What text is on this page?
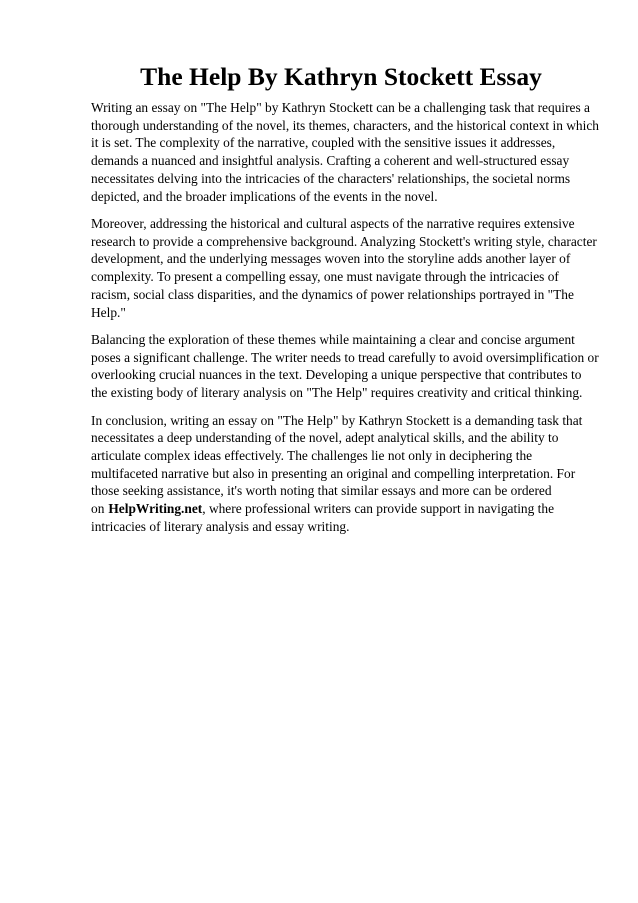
The Help By Kathryn Stockett Essay

Writing an essay on "The Help" by Kathryn Stockett can be a challenging task that requires a thorough understanding of the novel, its themes, characters, and the historical context in which it is set. The complexity of the narrative, coupled with the sensitive issues it addresses, demands a nuanced and insightful analysis. Crafting a coherent and well-structured essay necessitates delving into the intricacies of the characters' relationships, the societal norms depicted, and the broader implications of the events in the novel.

Moreover, addressing the historical and cultural aspects of the narrative requires extensive research to provide a comprehensive background. Analyzing Stockett's writing style, character development, and the underlying messages woven into the storyline adds another layer of complexity. To present a compelling essay, one must navigate through the intricacies of racism, social class disparities, and the dynamics of power relationships portrayed in "The Help."

Balancing the exploration of these themes while maintaining a clear and concise argument poses a significant challenge. The writer needs to tread carefully to avoid oversimplification or overlooking crucial nuances in the text. Developing a unique perspective that contributes to the existing body of literary analysis on "The Help" requires creativity and critical thinking.

In conclusion, writing an essay on "The Help" by Kathryn Stockett is a demanding task that necessitates a deep understanding of the novel, adept analytical skills, and the ability to articulate complex ideas effectively. The challenges lie not only in deciphering the multifaceted narrative but also in presenting an original and compelling interpretation. For those seeking assistance, it's worth noting that similar essays and more can be ordered on HelpWriting.net, where professional writers can provide support in navigating the intricacies of literary analysis and essay writing.
